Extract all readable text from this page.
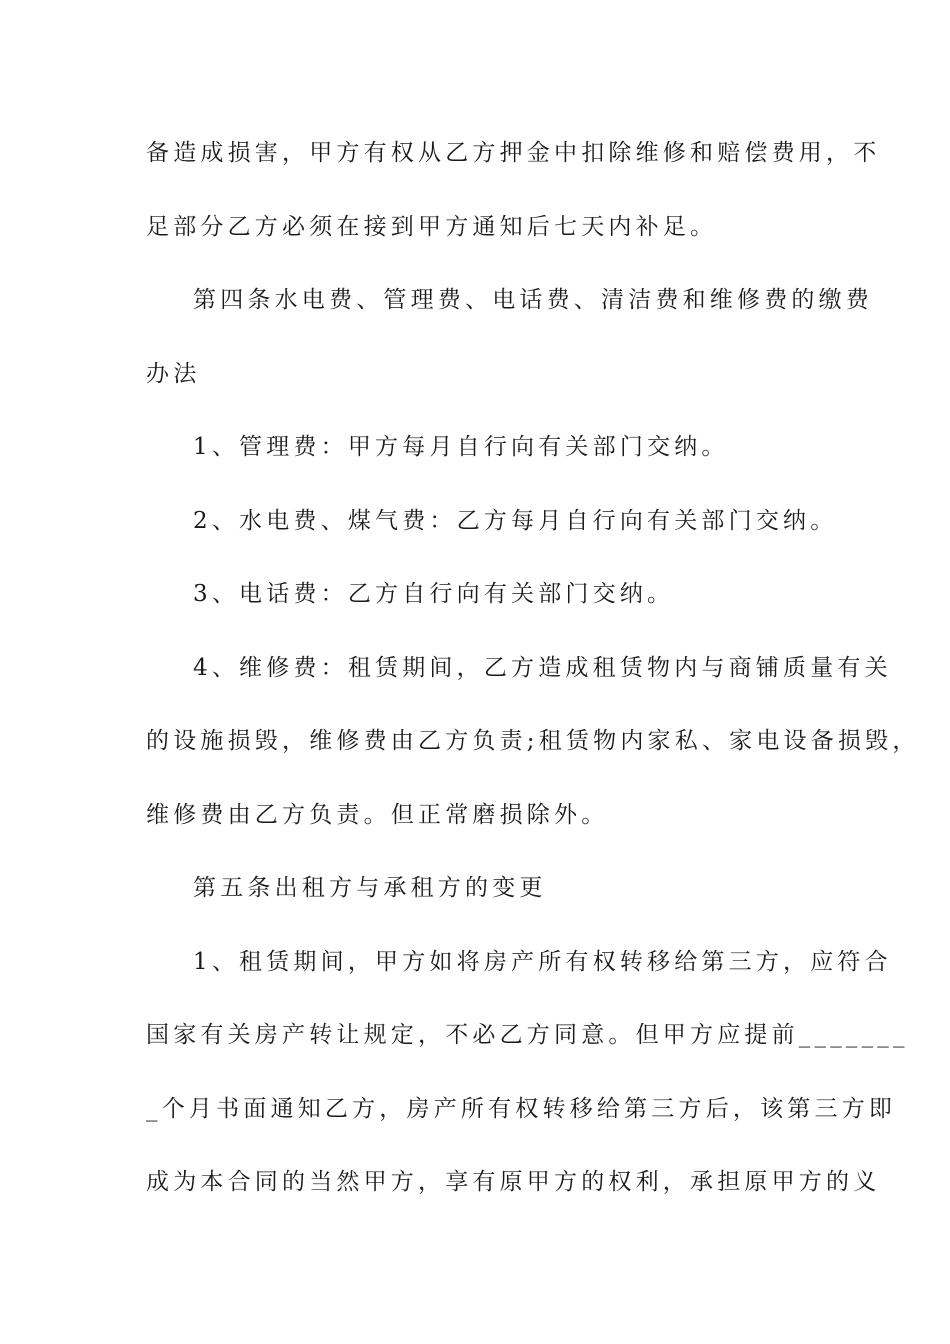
备造成损害，甲方有权从乙方押金中扣除维修和赔偿费用，不
足部分乙方必须在接到甲方通知后七天内补足。
第四条水电费、管理费、电话费、清洁费和维修费的缴费
办法
1、管理费：甲方每月自行向有关部门交纳。
2、水电费、煤气费：乙方每月自行向有关部门交纳。
3、电话费：乙方自行向有关部门交纳。
4、维修费：租赁期间，乙方造成租赁物内与商铺质量有关
的设施损毁，维修费由乙方负责;租赁物内家私、家电设备损毁，
维修费由乙方负责。但正常磨损除外。
第五条出租方与承租方的变更
1、租赁期间，甲方如将房产所有权转移给第三方，应符合
国家有关房产转让规定，不必乙方同意。但甲方应提前_______
_个月书面通知乙方，房产所有权转移给第三方后，该第三方即
成为本合同的当然甲方，享有原甲方的权利，承担原甲方的义
